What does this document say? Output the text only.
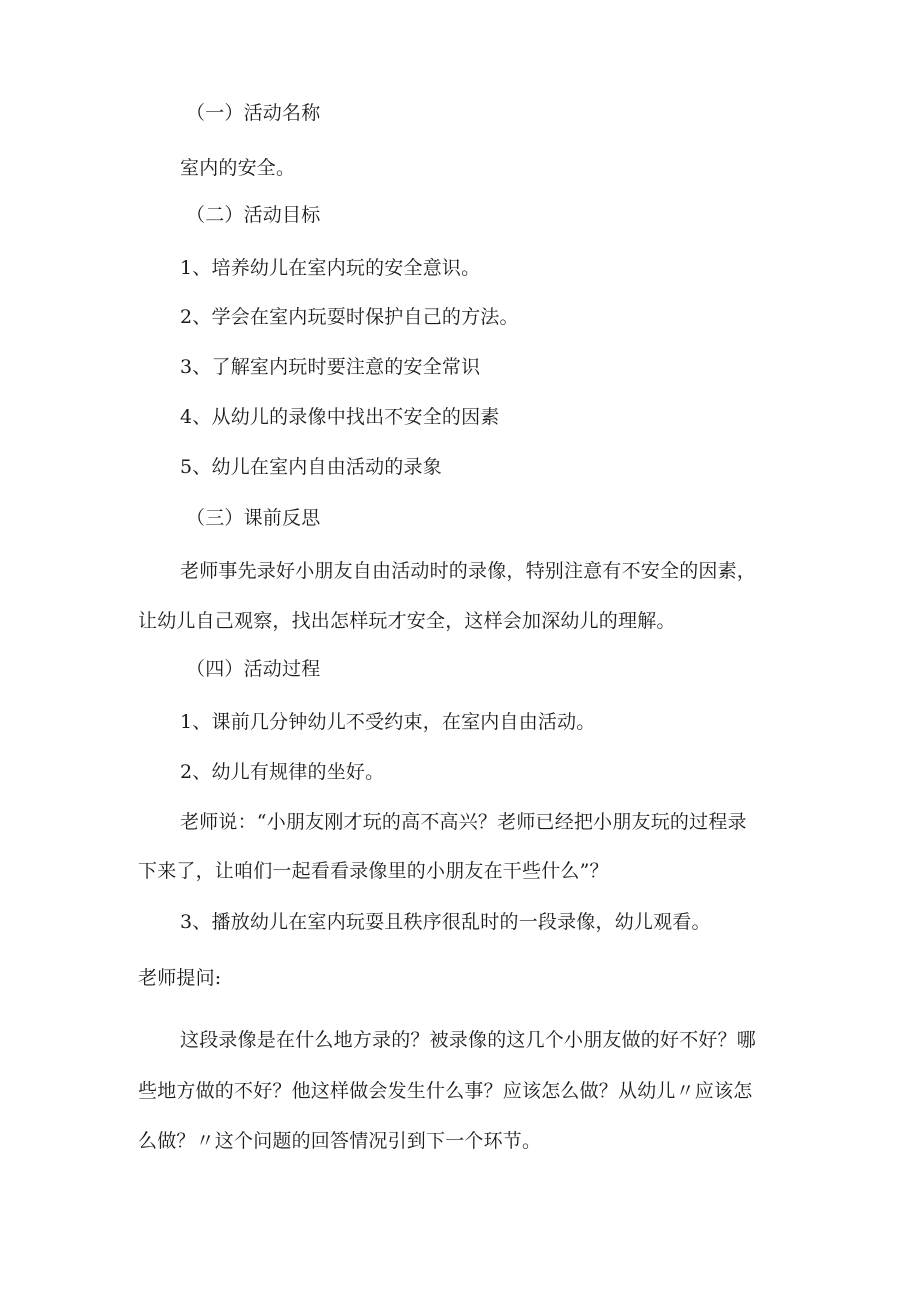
（一）活动名称
室内的安全。
（二）活动目标
1、培养幼儿在室内玩的安全意识。
2、学会在室内玩耍时保护自己的方法。
3、了解室内玩时要注意的安全常识
4、从幼儿的录像中找出不安全的因素
5、幼儿在室内自由活动的录象
（三）课前反思
老师事先录好小朋友自由活动时的录像，特别注意有不安全的因素，
让幼儿自己观察，找出怎样玩才安全，这样会加深幼儿的理解。
（四）活动过程
1、课前几分钟幼儿不受约束，在室内自由活动。
2、幼儿有规律的坐好。
老师说：“小朋友刚才玩的高不高兴？老师已经把小朋友玩的过程录
下来了，让咱们一起看看录像里的小朋友在干些什么”？
3、播放幼儿在室内玩耍且秩序很乱时的一段录像，幼儿观看。
老师提问:
这段录像是在什么地方录的？被录像的这几个小朋友做的好不好？哪
些地方做的不好？他这样做会发生什么事？应该怎么做？从幼儿〃应该怎
么做？〃这个问题的回答情况引到下一个环节。
